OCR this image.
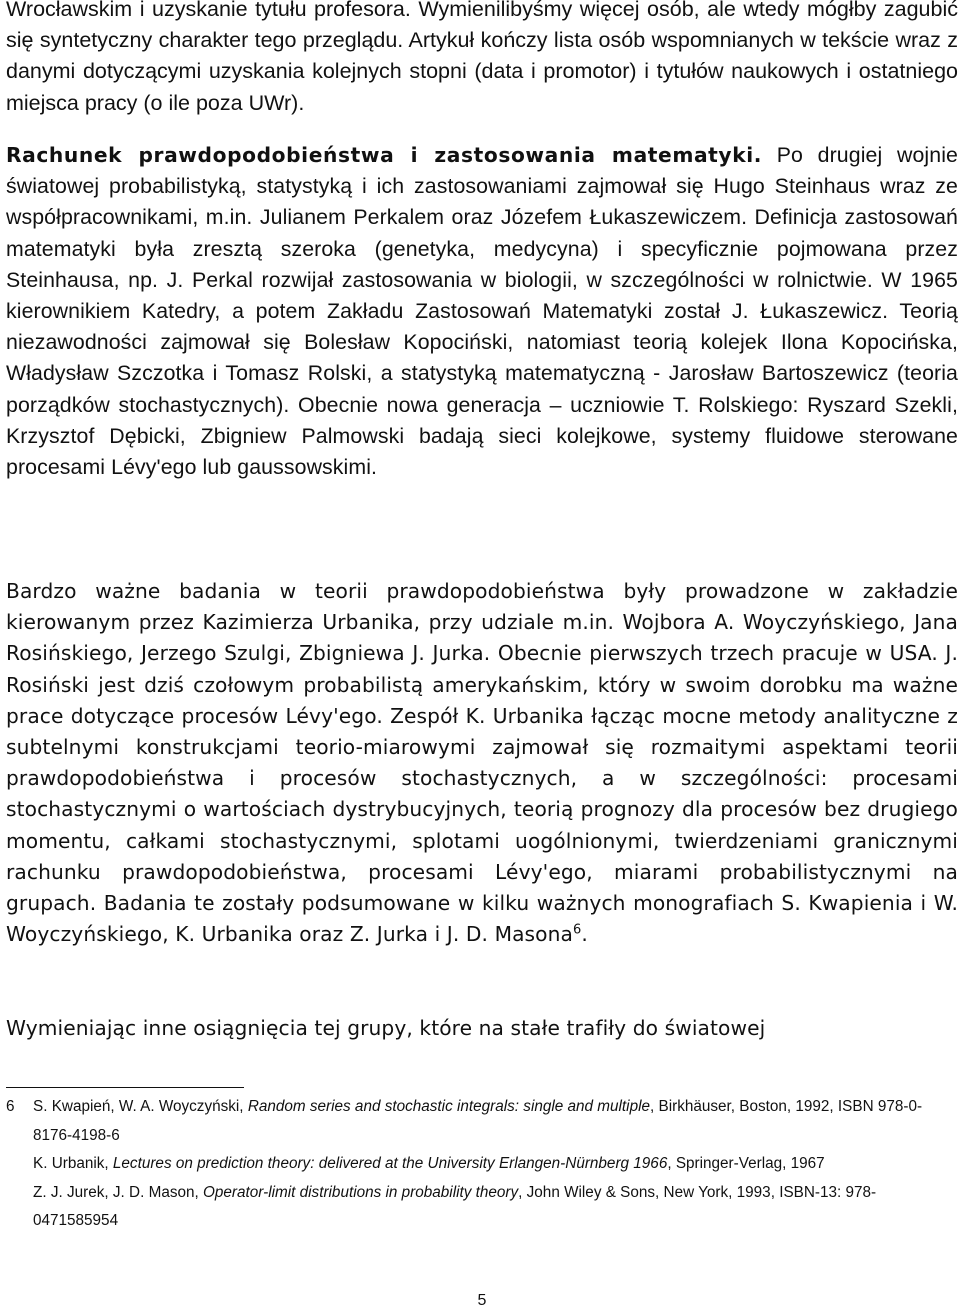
Wrocławskim i uzyskanie tytułu profesora. Wymienilibyśmy więcej osób, ale wtedy mógłby zagubić się syntetyczny charakter tego przeglądu. Artykuł kończy lista osób wspomnianych w tekście wraz z danymi dotyczącymi uzyskania kolejnych stopni (data i promotor) i tytułów naukowych i ostatniego miejsca pracy (o ile poza UWr).

Rachunek prawdopodobieństwa i zastosowania matematyki. Po drugiej wojnie światowej probabilistyką, statystyką i ich zastosowaniami zajmował się Hugo Steinhaus wraz ze współpracownikami, m.in. Julianem Perkalem oraz Józefem Łukaszewiczem. Definicja zastosowań matematyki była zresztą szeroka (genetyka, medycyna) i specyficznie pojmowana przez Steinhausa, np. J. Perkal rozwijał zastosowania w biologii, w szczególności w rolnictwie. W 1965 kierownikiem Katedry, a potem Zakładu Zastosowań Matematyki został J. Łukaszewicz. Teorią niezawodności zajmował się Bolesław Kopociński, natomiast teorią kolejek Ilona Kopocińska, Władysław Szczotka i Tomasz Rolski, a statystyką matematyczną - Jarosław Bartoszewicz (teoria porządków stochastycznych). Obecnie nowa generacja – uczniowie T. Rolskiego: Ryszard Szekli, Krzysztof Dębicki, Zbigniew Palmowski badają sieci kolejkowe, systemy fluidowe sterowane procesami Lévy'ego lub gaussowskimi.

Bardzo ważne badania w teorii prawdopodobieństwa były prowadzone w zakładzie kierowanym przez Kazimierza Urbanika, przy udziale m.in. Wojbora A. Woyczyńskiego, Jana Rosińskiego, Jerzego Szulgi, Zbigniewa J. Jurka. Obecnie pierwszych trzech pracuje w USA. J. Rosiński jest dziś czołowym probabilistą amerykańskim, który w swoim dorobku ma ważne prace dotyczące procesów Lévy'ego. Zespół K. Urbanika łącząc mocne metody analityczne z subtelnymi konstrukcjami teorio-miarowymi zajmował się rozmaitymi aspektami teorii prawdopodobieństwa i procesów stochastycznych, a w szczególności: procesami stochastycznymi o wartościach dystrybucyjnych, teorią prognozy dla procesów bez drugiego momentu, całkami stochastycznymi, splotami uogólnionymi, twierdzeniami granicznymi rachunku prawdopodobieństwa, procesami Lévy'ego, miarami probabilistycznymi na grupach. Badania te zostały podsumowane w kilku ważnych monografiach S. Kwapienia i W. Woyczyńskiego, K. Urbanika oraz Z. Jurka i J. D. Masona$^6$.

Wymieniając inne osiągnięcia tej grupy, które na stałe trafiły do światowej

6	S. Kwapień, W. A. Woyczyński, Random series and stochastic integrals: single and multiple, Birkhäuser, Boston, 1992, ISBN 978-0-8176-4198-6

K. Urbanik, Lectures on prediction theory: delivered at the University Erlangen-Nürnberg 1966, Springer-Verlag, 1967

Z. J. Jurek, J. D. Mason, Operator-limit distributions in probability theory, John Wiley & Sons, New York, 1993, ISBN-13: 978-0471585954

5
